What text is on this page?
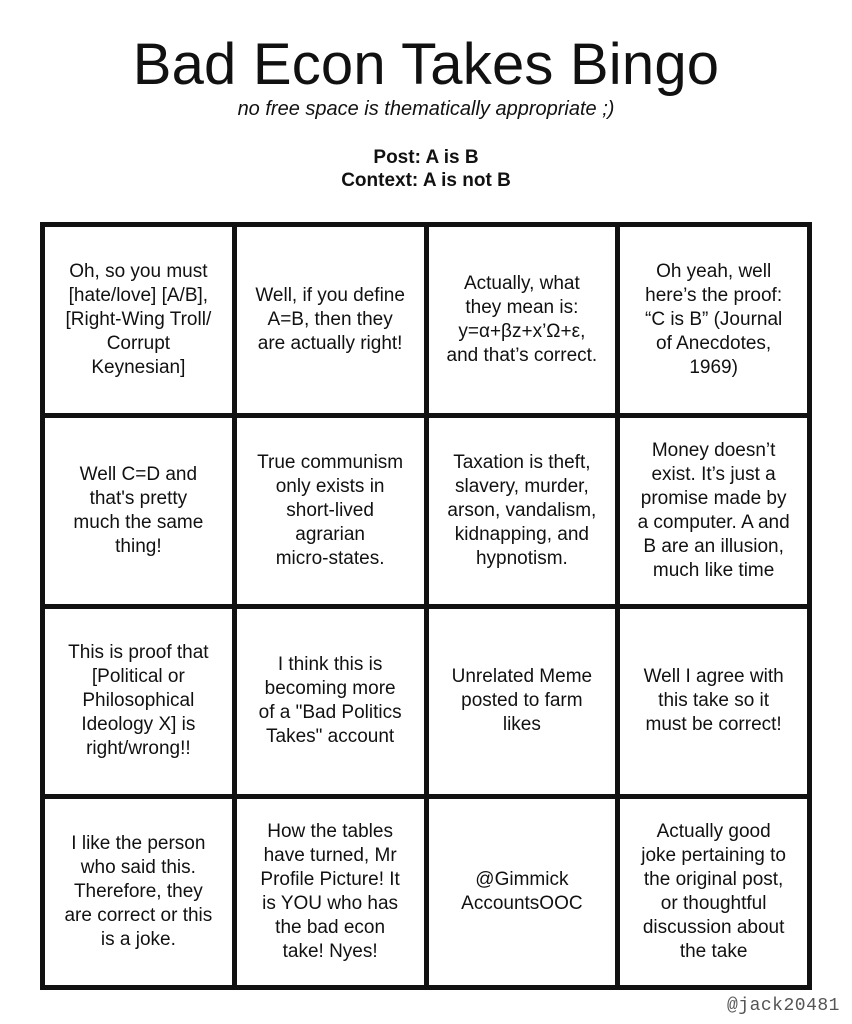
Bad Econ Takes Bingo
no free space is thematically appropriate ;)
Post: A is B
Context: A is not B
Oh, so you must
[hate/love] [A/B],
[Right-Wing Troll/
Corrupt
Keynesian]
Well, if you define
A=B, then they
are actually right!
Actually, what
they mean is:
y=α+βz+x’Ω+ε,
and that’s correct.
Oh yeah, well
here’s the proof:
“C is B” (Journal
of Anecdotes,
1969)
Well C=D and
that's pretty
much the same
thing!
True communism
only exists in
short-lived
agrarian
micro-states.
Taxation is theft,
slavery, murder,
arson, vandalism,
kidnapping, and
hypnotism.
Money doesn’t
exist. It’s just a
promise made by
a computer. A and
B are an illusion,
much like time
This is proof that
[Political or
Philosophical
Ideology X] is
right/wrong!!
I think this is
becoming more
of a "Bad Politics
Takes" account
Unrelated Meme
posted to farm
likes
Well I agree with
this take so it
must be correct!
I like the person
who said this.
Therefore, they
are correct or this
is a joke.
How the tables
have turned, Mr
Profile Picture! It
is YOU who has
the bad econ
take! Nyes!
@Gimmick
AccountsOOC
Actually good
joke pertaining to
the original post,
or thoughtful
discussion about
the take
@jack20481
